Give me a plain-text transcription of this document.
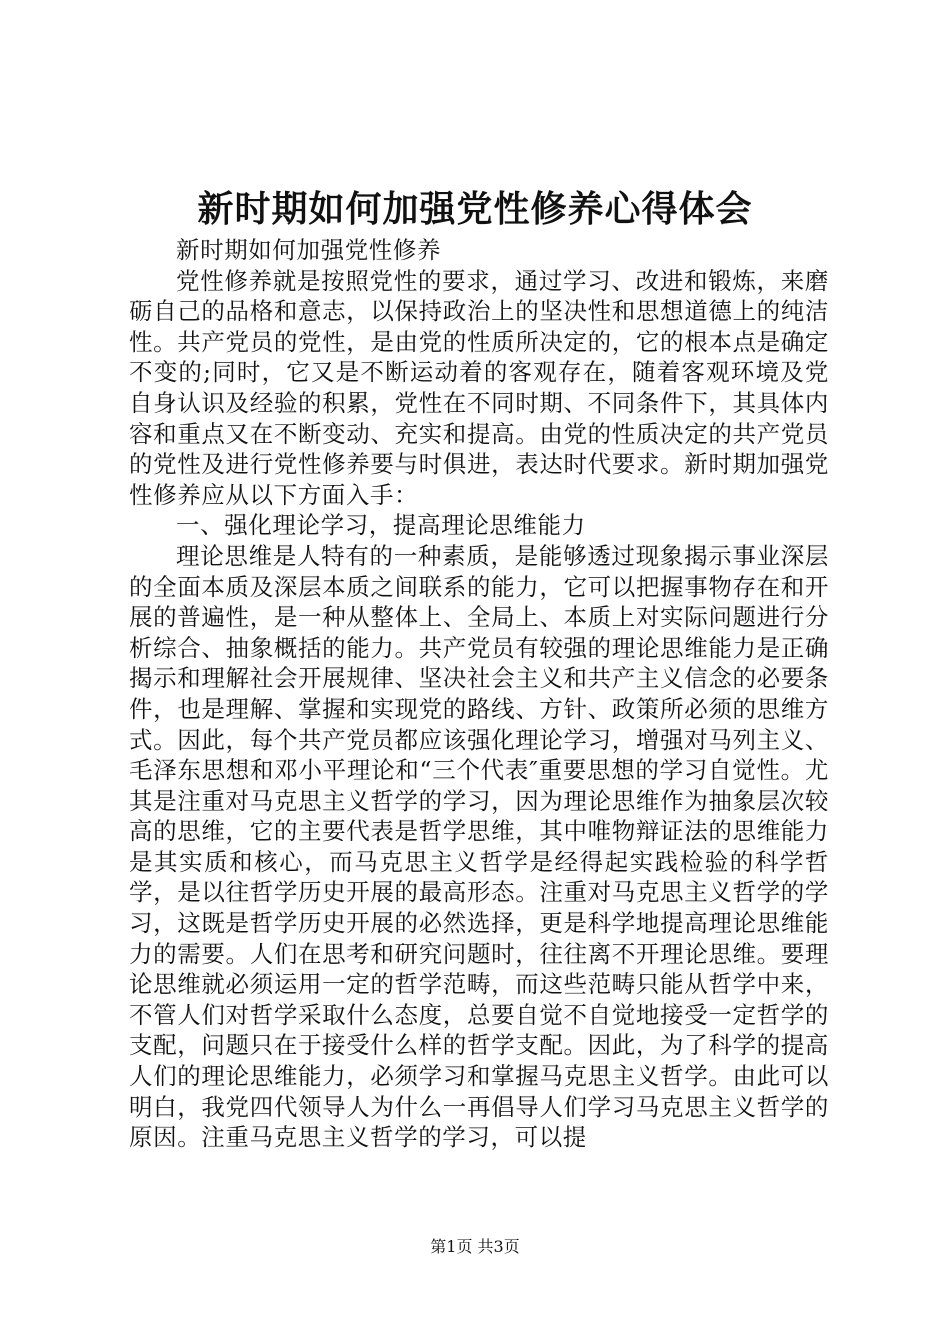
新时期如何加强党性修养心得体会

新时期如何加强党性修养

党性修养就是按照党性的要求，通过学习、改进和锻炼，来磨砺自己的品格和意志，以保持政治上的坚决性和思想道德上的纯洁性。共产党员的党性，是由党的性质所决定的，它的根本点是确定不变的;同时，它又是不断运动着的客观存在，随着客观环境及党自身认识及经验的积累，党性在不同时期、不同条件下，其具体内容和重点又在不断变动、充实和提高。由党的性质决定的共产党员的党性及进行党性修养要与时俱进，表达时代要求。新时期加强党性修养应从以下方面入手：

一、强化理论学习，提高理论思维能力

理论思维是人特有的一种素质，是能够透过现象揭示事业深层的全面本质及深层本质之间联系的能力，它可以把握事物存在和开展的普遍性，是一种从整体上、全局上、本质上对实际问题进行分析综合、抽象概括的能力。共产党员有较强的理论思维能力是正确揭示和理解社会开展规律、坚决社会主义和共产主义信念的必要条件，也是理解、掌握和实现党的路线、方针、政策所必须的思维方式。因此，每个共产党员都应该强化理论学习，增强对马列主义、毛泽东思想和邓小平理论和“三个代表″重要思想的学习自觉性。尤其是注重对马克思主义哲学的学习，因为理论思维作为抽象层次较高的思维，它的主要代表是哲学思维，其中唯物辩证法的思维能力是其实质和核心，而马克思主义哲学是经得起实践检验的科学哲学，是以往哲学历史开展的最高形态。注重对马克思主义哲学的学习，这既是哲学历史开展的必然选择，更是科学地提高理论思维能力的需要。人们在思考和研究问题时，往往离不开理论思维。要理论思维就必须运用一定的哲学范畴，而这些范畴只能从哲学中来，不管人们对哲学采取什么态度，总要自觉不自觉地接受一定哲学的支配，问题只在于接受什么样的哲学支配。因此，为了科学的提高人们的理论思维能力，必须学习和掌握马克思主义哲学。由此可以明白，我党四代领导人为什么一再倡导人们学习马克思主义哲学的原因。注重马克思主义哲学的学习，可以提

第1页 共3页
